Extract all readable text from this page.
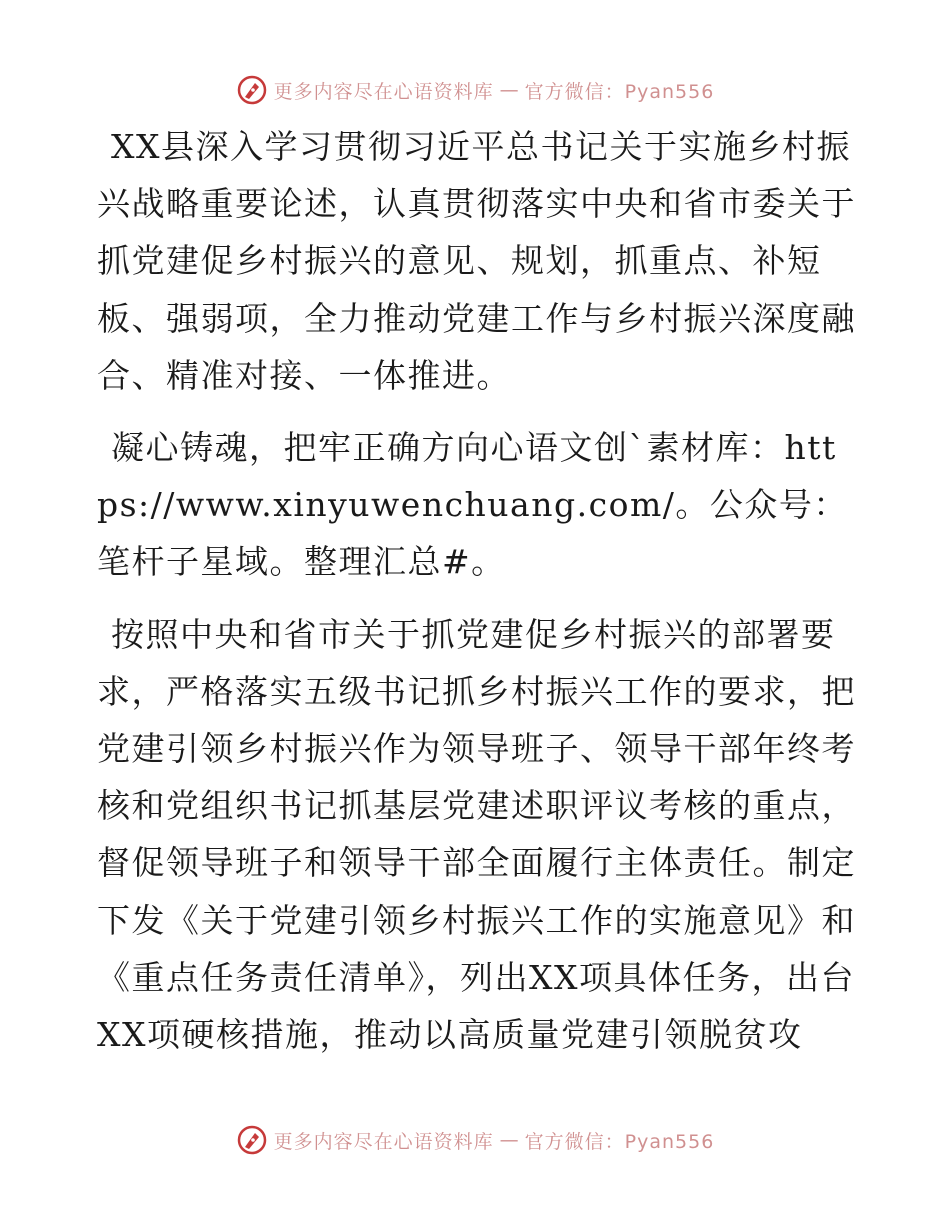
更多内容尽在心语资料库 — 官方微信：Pyan556

XX县深入学习贯彻习近平总书记关于实施乡村振兴战略重要论述，认真贯彻落实中央和省市委关于抓党建促乡村振兴的意见、规划，抓重点、补短板、强弱项，全力推动党建工作与乡村振兴深度融合、精准对接、一体推进。

凝心铸魂，把牢正确方向心语文创`素材库：https://www.xinyuwenchuang.com/。公众号：笔杆子星域。整理汇总#。

按照中央和省市关于抓党建促乡村振兴的部署要求，严格落实五级书记抓乡村振兴工作的要求，把党建引领乡村振兴作为领导班子、领导干部年终考核和党组织书记抓基层党建述职评议考核的重点，督促领导班子和领导干部全面履行主体责任。制定下发《关于党建引领乡村振兴工作的实施意见》和《重点任务责任清单》，列出XX项具体任务，出台XX项硬核措施，推动以高质量党建引领脱贫攻

更多内容尽在心语资料库 — 官方微信：Pyan556
